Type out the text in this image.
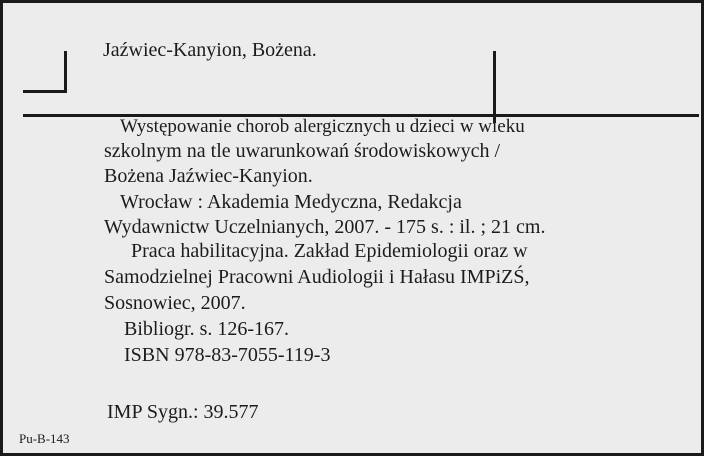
Jaźwiec-Kanyion, Bożena.
Występowanie chorob alergicznych u dzieci w wieku
szkolnym na tle uwarunkowań środowiskowych /
Bożena Jaźwiec-Kanyion.
Wrocław : Akademia Medyczna, Redakcja
Wydawnictw Uczelnianych, 2007. - 175 s. : il. ; 21 cm.
Praca habilitacyjna. Zakład Epidemiologii oraz w
Samodzielnej Pracowni Audiologii i Hałasu IMPiZŚ,
Sosnowiec, 2007.
Bibliogr. s. 126-167.
ISBN 978-83-7055-119-3
IMP Sygn.: 39.577
Pu-B-143
